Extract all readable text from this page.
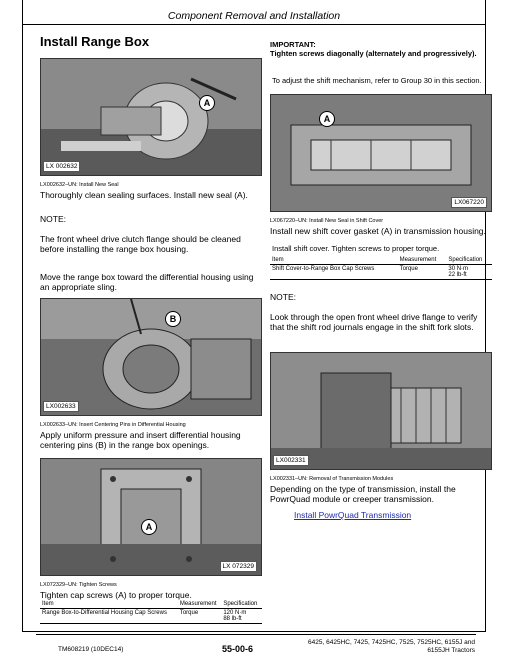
Component Removal and Installation
Install Range Box
A
LX 002632
LX002632–UN: Install New Seal
Thoroughly clean sealing surfaces. Install new seal (A).
NOTE:
The front wheel drive clutch flange should be cleaned before installing the range box housing.
Move the range box toward the differential housing using an appropriate sling.
B
LX002633
LX002633–UN: Insert Centering Pins in Differential Housing
Apply uniform pressure and insert differential housing centering pins (B) in the range box openings.
A
LX 072329
LX072329–UN: Tighten Screws
Tighten cap screws (A) to proper torque.
Item	Measurement	Specification
Range Box-to-Differential Housing Cap Screws	Torque	120 N·m
88 lb-ft
IMPORTANT:
Tighten screws diagonally (alternately and progressively).
To adjust the shift mechanism, refer to Group 30 in this section.
A
LX067220
LX067220–UN: Install New Seal in Shift Cover
Install new shift cover gasket (A) in transmission housing.
Install shift cover. Tighten screws to proper torque.
Item	Measurement	Specification
Shift Cover-to-Range Box Cap Screws	Torque	30 N·m
22 lb-ft
NOTE:
Look through the open front wheel drive flange to verify that the shift rod journals engage in the shift fork slots.
LX002331
LX002331–UN: Removal of Transmission Modules
Depending on the type of transmission, install the PowrQuad module or creeper transmission.
Install PowrQuad Transmission
TM608219 (10DEC14)	55-00-6
6425, 6425HC, 7425, 7425HC, 7525, 7525HC, 6155J and
6155JH Tractors
